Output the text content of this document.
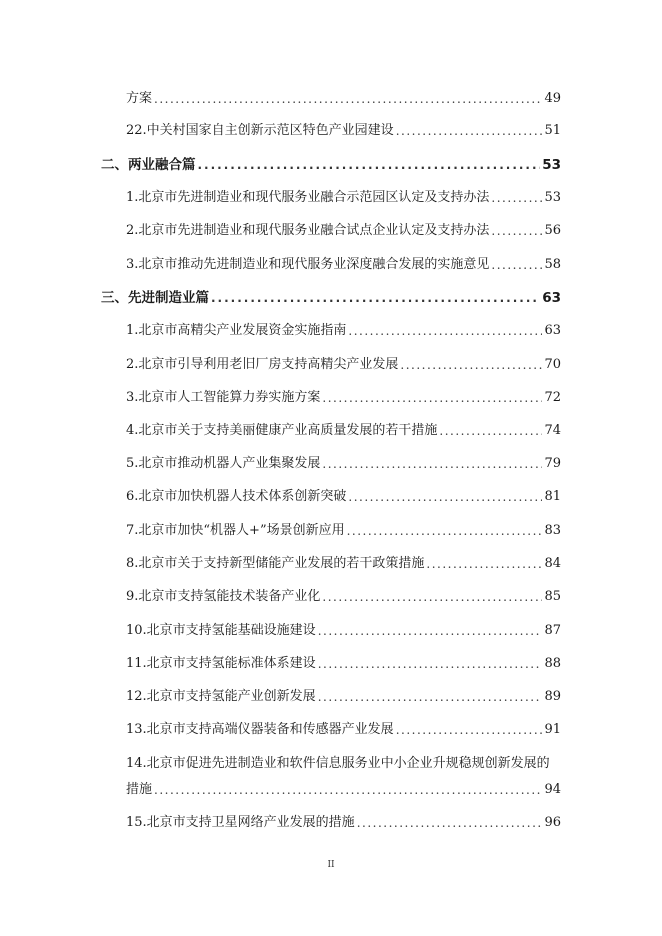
方案 .....	49
22.中关村国家自主创新示范区特色产业园建设 .....	51
二、两业融合篇 .....	53
1.北京市先进制造业和现代服务业融合示范园区认定及支持办法 .....	53
2.北京市先进制造业和现代服务业融合试点企业认定及支持办法 .....	56
3.北京市推动先进制造业和现代服务业深度融合发展的实施意见 .....	58
三、先进制造业篇 .....	63
1.北京市高精尖产业发展资金实施指南 .....	63
2.北京市引导利用老旧厂房支持高精尖产业发展 .....	70
3.北京市人工智能算力券实施方案 .....	72
4.北京市关于支持美丽健康产业高质量发展的若干措施 .....	74
5.北京市推动机器人产业集聚发展 .....	79
6.北京市加快机器人技术体系创新突破 .....	81
7.北京市加快“机器人+”场景创新应用 .....	83
8.北京市关于支持新型储能产业发展的若干政策措施 .....	84
9.北京市支持氢能技术装备产业化 .....	85
10.北京市支持氢能基础设施建设 .....	87
11.北京市支持氢能标准体系建设 .....	88
12.北京市支持氢能产业创新发展 .....	89
13.北京市支持高端仪器装备和传感器产业发展 .....	91
14.北京市促进先进制造业和软件信息服务业中小企业升规稳规创新发展的
措施 .....	94
15.北京市支持卫星网络产业发展的措施 .....	96
II
